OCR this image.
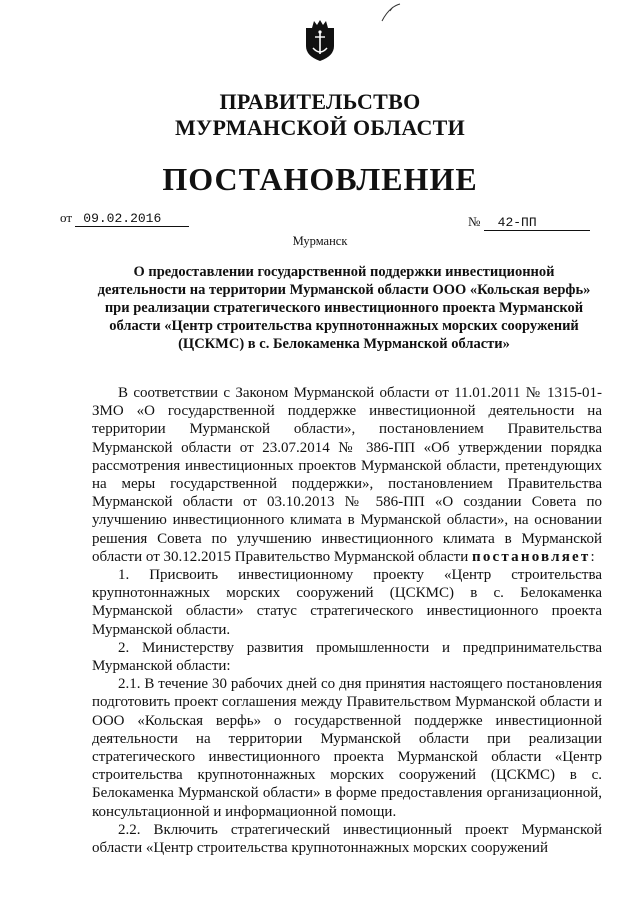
ПРАВИТЕЛЬСТВО
МУРМАНСКОЙ ОБЛАСТИ
ПОСТАНОВЛЕНИЕ
от 09.02.2016	№ 42-ПП
Мурманск
О предоставлении государственной поддержки инвестиционной
деятельности на территории Мурманской области ООО «Кольская верфь»
при реализации стратегического инвестиционного проекта Мурманской
области «Центр строительства крупнотоннажных морских сооружений
(ЦСКМС) в с. Белокаменка Мурманской области»

В соответствии с Законом Мурманской области от 11.01.2011 № 1315-01-ЗМО «О государственной поддержке инвестиционной деятельности на территории Мурманской области», постановлением Правительства Мурманской области от 23.07.2014 № 386-ПП «Об утверждении порядка рассмотрения инвестиционных проектов Мурманской области, претендующих на меры государственной поддержки», постановлением Правительства Мурманской области от 03.10.2013 № 586-ПП «О создании Совета по улучшению инвестиционного климата в Мурманской области», на основании решения Совета по улучшению инвестиционного климата в Мурманской области от 30.12.2015 Правительство Мурманской области постановляет:

1. Присвоить инвестиционному проекту «Центр строительства крупнотоннажных морских сооружений (ЦСКМС) в с. Белокаменка Мурманской области» статус стратегического инвестиционного проекта Мурманской области.

2. Министерству развития промышленности и предпринимательства Мурманской области:

2.1. В течение 30 рабочих дней со дня принятия настоящего постановления подготовить проект соглашения между Правительством Мурманской области и ООО «Кольская верфь» о государственной поддержке инвестиционной деятельности на территории Мурманской области при реализации стратегического инвестиционного проекта Мурманской области «Центр строительства крупнотоннажных морских сооружений (ЦСКМС) в с. Белокаменка Мурманской области» в форме предоставления организационной, консультационной и информационной помощи.

2.2. Включить стратегический инвестиционный проект Мурманской области «Центр строительства крупнотоннажных морских сооружений
